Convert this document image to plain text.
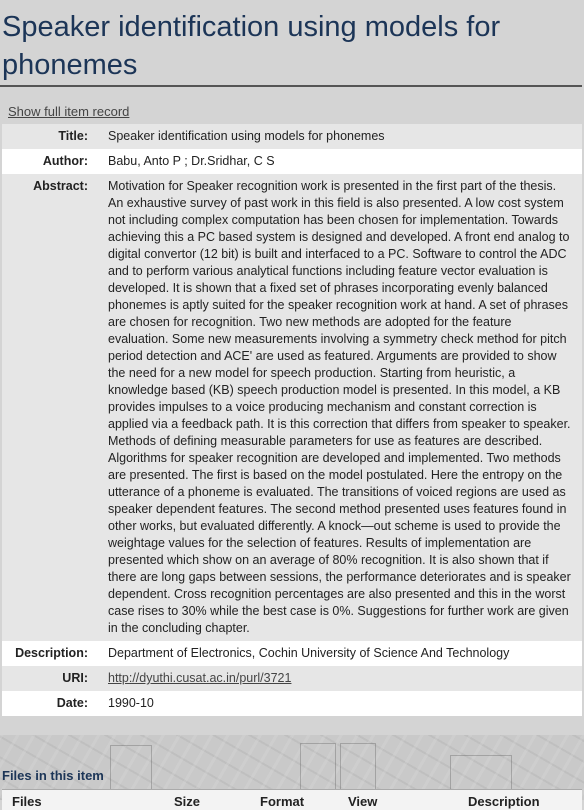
Speaker identification using models for phonemes
Show full item record
Title:	Speaker identification using models for phonemes
Author:	Babu, Anto P ; Dr.Sridhar, C S
Abstract:	Motivation for Speaker recognition work is presented in the first part of the thesis. An exhaustive survey of past work in this field is also presented. A low cost system not including complex computation has been chosen for implementation. Towards achieving this a PC based system is designed and developed. A front end analog to digital convertor (12 bit) is built and interfaced to a PC. Software to control the ADC and to perform various analytical functions including feature vector evaluation is developed. It is shown that a fixed set of phrases incorporating evenly balanced phonemes is aptly suited for the speaker recognition work at hand. A set of phrases are chosen for recognition. Two new methods are adopted for the feature evaluation. Some new measurements involving a symmetry check method for pitch period detection and ACE' are used as featured. Arguments are provided to show the need for a new model for speech production. Starting from heuristic, a knowledge based (KB) speech production model is presented. In this model, a KB provides impulses to a voice producing mechanism and constant correction is applied via a feedback path. It is this correction that differs from speaker to speaker. Methods of defining measurable parameters for use as features are described. Algorithms for speaker recognition are developed and implemented. Two methods are presented. The first is based on the model postulated. Here the entropy on the utterance of a phoneme is evaluated. The transitions of voiced regions are used as speaker dependent features. The second method presented uses features found in other works, but evaluated differently. A knock—out scheme is used to provide the weightage values for the selection of features. Results of implementation are presented which show on an average of 80% recognition. It is also shown that if there are long gaps between sessions, the performance deteriorates and is speaker dependent. Cross recognition percentages are also presented and this in the worst case rises to 30% while the best case is 0%. Suggestions for further work are given in the concluding chapter.
Description:	Department of Electronics, Cochin University of Science And Technology
URI:	http://dyuthi.cusat.ac.in/purl/3721
Date:	1990-10
Files in this item
Files	Size	Format	View	Description
